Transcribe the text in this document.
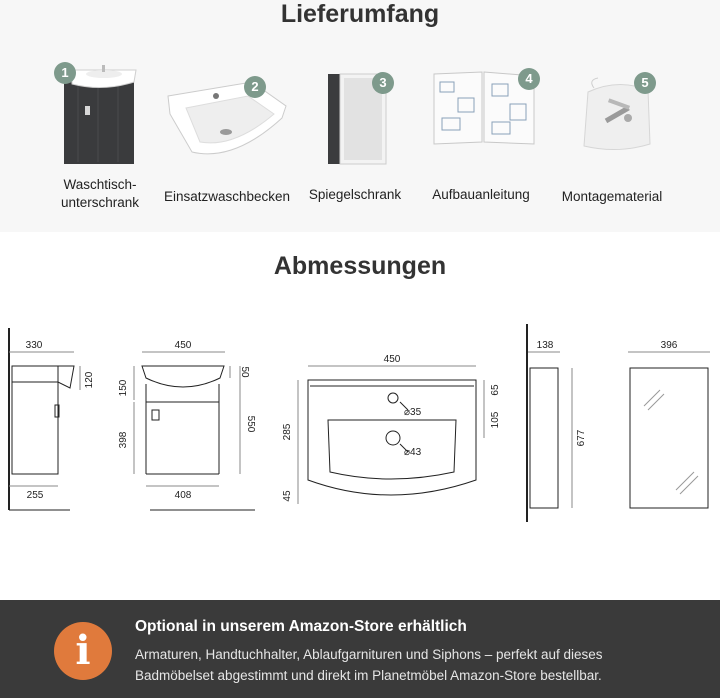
Lieferumfang
1
Waschtisch-
unterschrank
2
Einsatzwaschbecken
3
Spiegelschrank
4
Aufbauanleitung
5
Montagematerial
Abmessungen
330
120
255
450
150
398
50
550
408
450
285
45
65
105
⌀35
⌀43
138
677
396
i
Optional in unserem Amazon-Store erhältlich
Armaturen, Handtuchhalter, Ablaufgarnituren und Siphons – perfekt auf dieses Badmöbelset abgestimmt und direkt im Planetmöbel Amazon-Store bestellbar.
